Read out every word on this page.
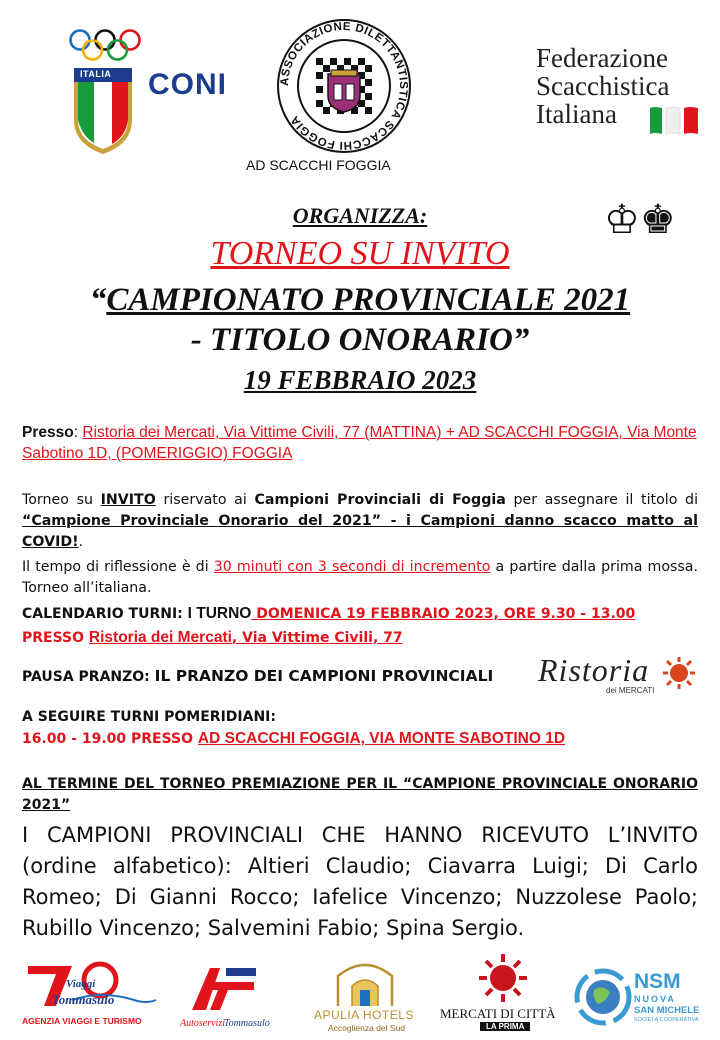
ITALIA CONI	ASSOCIAZIONE DILETTANTISTICA SCACCHI FOGGIA
AD SCACCHI FOGGIA
Federazione
Scacchistica
Italiana
ORGANIZZA:	♔♚
TORNEO SU INVITO
“CAMPIONATO PROVINCIALE 2021
- TITOLO ONORARIO”
19 FEBBRAIO 2023
Presso: Ristoria dei Mercati, Via Vittime Civili, 77 (MATTINA) + AD SCACCHI FOGGIA, Via Monte Sabotino 1D, (POMERIGGIO) FOGGIA
Torneo su INVITO riservato ai Campioni Provinciali di Foggia per assegnare il titolo di “Campione Provinciale Onorario del 2021” - i Campioni danno scacco matto al COVID!.
Il tempo di riflessione è di 30 minuti con 3 secondi di incremento a partire dalla prima mossa. Torneo all’italiana.
CALENDARIO TURNI: I TURNO DOMENICA 19 FEBBRAIO 2023, ORE 9.30 - 13.00
PRESSO Ristoria dei Mercati, Via Vittime Civili, 77
PAUSA PRANZO: IL PRANZO DEI CAMPIONI PROVINCIALI Ristoria
dei MERCATI
A SEGUIRE TURNI POMERIDIANI:
16.00 - 19.00 PRESSO AD SCACCHI FOGGIA, VIA MONTE SABOTINO 1D
AL TERMINE DEL TORNEO PREMIAZIONE PER IL “CAMPIONE PROVINCIALE ONORARIO 2021”
I CAMPIONI PROVINCIALI CHE HANNO RICEVUTO L’INVITO (ordine alfabetico): Altieri Claudio; Ciavarra Luigi; Di Carlo Romeo; Di Gianni Rocco; Iafelice Vincenzo; Nuzzolese Paolo; Rubillo Vincenzo; Salvemini Fabio; Spina Sergio.
Viaggi
Tommasulo
AGENZIA VIAGGI E TURISMO	Autoservizi Tommasulo
APULIA HOTELS
Accoglienza del Sud
MERCATI DI CITTÀ
LA PRIMA
NSM
NUOVA
SAN MICHELE
SOCIETÀ COOPERATIVA
